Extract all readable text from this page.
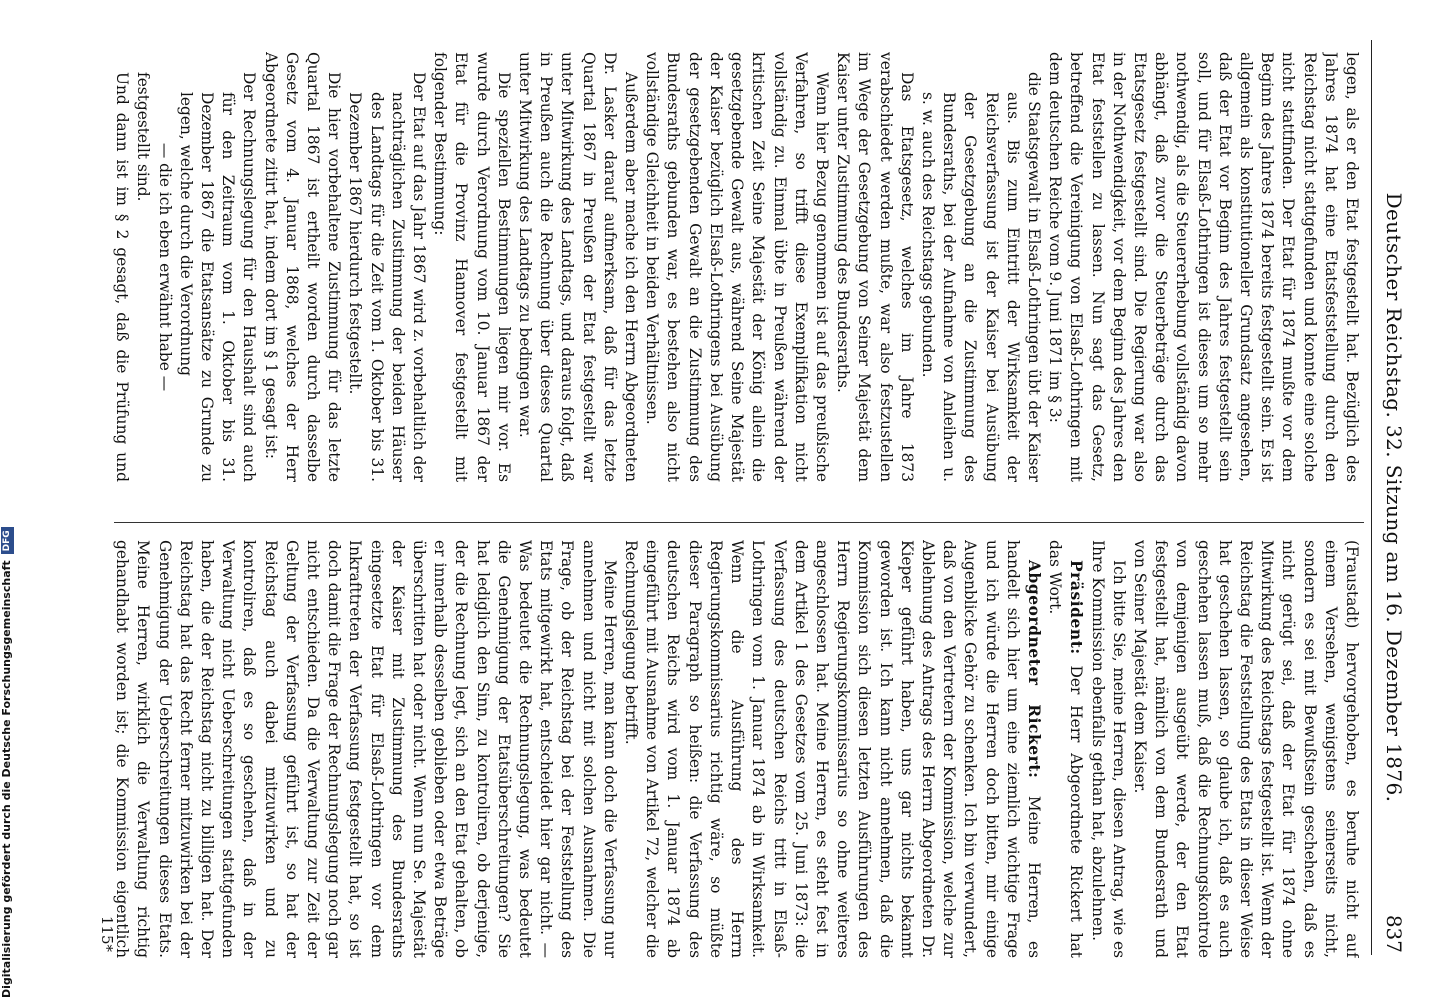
Deutscher Reichstag. 32. Sitzung am 16. Dezember 1876.
837

legen, als er den Etat festgestellt hat. Bezüglich des Jahres 1874 hat eine Etatsfeststellung durch den Reichstag nicht stattgefunden und konnte eine solche nicht stattfinden. Der Etat für 1874 mußte vor dem Beginn des Jahres 1874 bereits festgestellt sein. Es ist allgemein als konstitutioneller Grundsatz angesehen, daß der Etat vor Beginn des Jahres festgestellt sein soll, und für Elsaß-Lothringen ist dieses um so mehr nothwendig, als die Steuererhebung vollständig davon abhängt, daß zuvor die Steuerbeträge durch das Etatsgesetz festgestellt sind. Die Regierung war also in der Nothwendigkeit, vor dem Beginn des Jahres den Etat feststellen zu lassen. Nun sagt das Gesetz, betreffend die Vereinigung von Elsaß-Lothringen mit dem deutschen Reiche vom 9. Juni 1871 im § 3:

die Staatsgewalt in Elsaß-Lothringen übt der Kaiser aus. Bis zum Eintritt der Wirksamkeit der Reichsverfassung ist der Kaiser bei Ausübung der Gesetzgebung an die Zustimmung des Bundesraths, bei der Aufnahme von Anleihen u. s. w. auch des Reichstags gebunden.

Das Etatsgesetz, welches im Jahre 1873 verabschiedet werden mußte, war also festzustellen im Wege der Gesetzgebung von Seiner Majestät dem Kaiser unter Zustimmung des Bundesraths.

Wenn hier Bezug genommen ist auf das preußische Verfahren, so trifft diese Exemplifikation nicht vollständig zu. Einmal übte in Preußen während der kritischen Zeit Seine Majestät der König allein die gesetzgebende Gewalt aus, während Seine Majestät der Kaiser bezüglich Elsaß-Lothringens bei Ausübung der gesetzgebenden Gewalt an die Zustimmung des Bundesraths gebunden war, es bestehen also nicht vollständige Gleichheit in beiden Verhältnissen.

Außerdem aber mache ich den Herrn Abgeordneten Dr. Lasker darauf aufmerksam, daß für das letzte Quartal 1867 in Preußen der Etat festgestellt war unter Mitwirkung des Landtags, und daraus folgt, daß in Preußen auch die Rechnung über dieses Quartal unter Mitwirkung des Landtags zu bedingen war.

Die speziellen Bestimmungen liegen mir vor. Es wurde durch Verordnung vom 10. Januar 1867 der Etat für die Provinz Hannover festgestellt mit folgender Bestimmung:

Der Etat auf das Jahr 1867 wird z. vorbehaltlich der nachträglichen Zustimmung der beiden Häuser des Landtags für die Zeit vom 1. Oktober bis 31. Dezember 1867 hierdurch festgestellt.

Die hier vorbehaltene Zustimmung für das letzte Quartal 1867 ist ertheilt worden durch dasselbe Gesetz vom 4. Januar 1868, welches der Herr Abgeordnete zitirt hat, indem dort im § 1 gesagt ist:

Der Rechnungslegung für den Haushalt sind auch für den Zeitraum vom 1. Oktober bis 31. Dezember 1867 die Etatsansätze zu Grunde zu legen, welche durch die Verordnung

— die ich eben erwähnt habe —

festgestellt sind.

Und dann ist im § 2 gesagt, daß die Prüfung und

(Fraustadt) hervorgehoben, es beruhe nicht auf einem Versehen, wenigstens seinerseits nicht, sondern es sei mit Bewußtsein geschehen, daß es nicht gerügt sei, daß der Etat für 1874 ohne Mitwirkung des Reichstags festgestellt ist. Wenn der Reichstag die Feststellung des Etats in dieser Weise hat geschehen lassen, so glaube ich, daß es auch geschehen lassen muß, daß die Rechnungskontrole von demjenigen ausgeübt werde, der den Etat festgestellt hat, nämlich von dem Bundesrath und von Seiner Majestät dem Kaiser.

Ich bitte Sie, meine Herren, diesen Antrag, wie es Ihre Kommission ebenfalls gethan hat, abzulehnen.

Präsident: Der Herr Abgeordnete Rickert hat das Wort.

Abgeordneter Rickert: Meine Herren, es handelt sich hier um eine ziemlich wichtige Frage und ich würde die Herren doch bitten, mir einige Augenblicke Gehör zu schenken. Ich bin verwundert, daß von den Vertretern der Kommission, welche zur Ablehnung des Antrags des Herrn Abgeordneten Dr. Kieper geführt haben, uns gar nichts bekannt geworden ist. Ich kann nicht annehmen, daß die Kommission sich diesen letzten Ausführungen des Herrn Regierungskommissarius so ohne weiteres angeschlossen hat. Meine Herren, es steht fest in dem Artikel 1 des Gesetzes vom 25. Juni 1873: die Verfassung des deutschen Reichs tritt in Elsaß-Lothringen vom 1. Januar 1874 ab in Wirksamkeit. Wenn die Ausführung des Herrn Regierungskommissarius richtig wäre, so müßte dieser Paragraph so heißen: die Verfassung des deutschen Reichs wird vom 1. Januar 1874 ab eingeführt mit Ausnahme von Artikel 72, welcher die Rechnungslegung betrifft.

Meine Herren, man kann doch die Verfassung nur annehmen und nicht mit solchen Ausnahmen. Die Frage, ob der Reichstag bei der Feststellung des Etats mitgewirkt hat, entscheidet hier gar nicht. — Was bedeutet die Rechnungslegung, was bedeutet die Genehmigung der Etatsüberschreitungen? Sie hat lediglich den Sinn, zu kontroliren, ob derjenige, der die Rechnung legt, sich an den Etat gehalten, ob er innerhalb desselben geblieben oder etwa Beträge überschritten hat oder nicht. Wenn nun Se. Majestät der Kaiser mit Zustimmung des Bundesraths eingesetzte Etat für Elsaß-Lothringen vor dem Inkrafttreten der Verfassung festgestellt hat, so ist doch damit die Frage der Rechnungslegung noch gar nicht entschieden. Da die Verwaltung zur Zeit der Geltung der Verfassung geführt ist, so hat der Reichstag auch dabei mitzuwirken und zu kontroliren, daß es so geschehen, daß in der Verwaltung nicht Ueberschreitungen stattgefunden haben, die der Reichstag nicht zu billigen hat. Der Reichstag hat das Recht ferner mitzuwirken bei der Genehmigung der Ueberschreitungen dieses Etats. Meine Herren, wirklich die Verwaltung richtig gehandhabt worden ist; die Kommission eigentlich

115*
Digitalisierung gefördert durch die Deutsche ForschungsgemeinschaftDFG
